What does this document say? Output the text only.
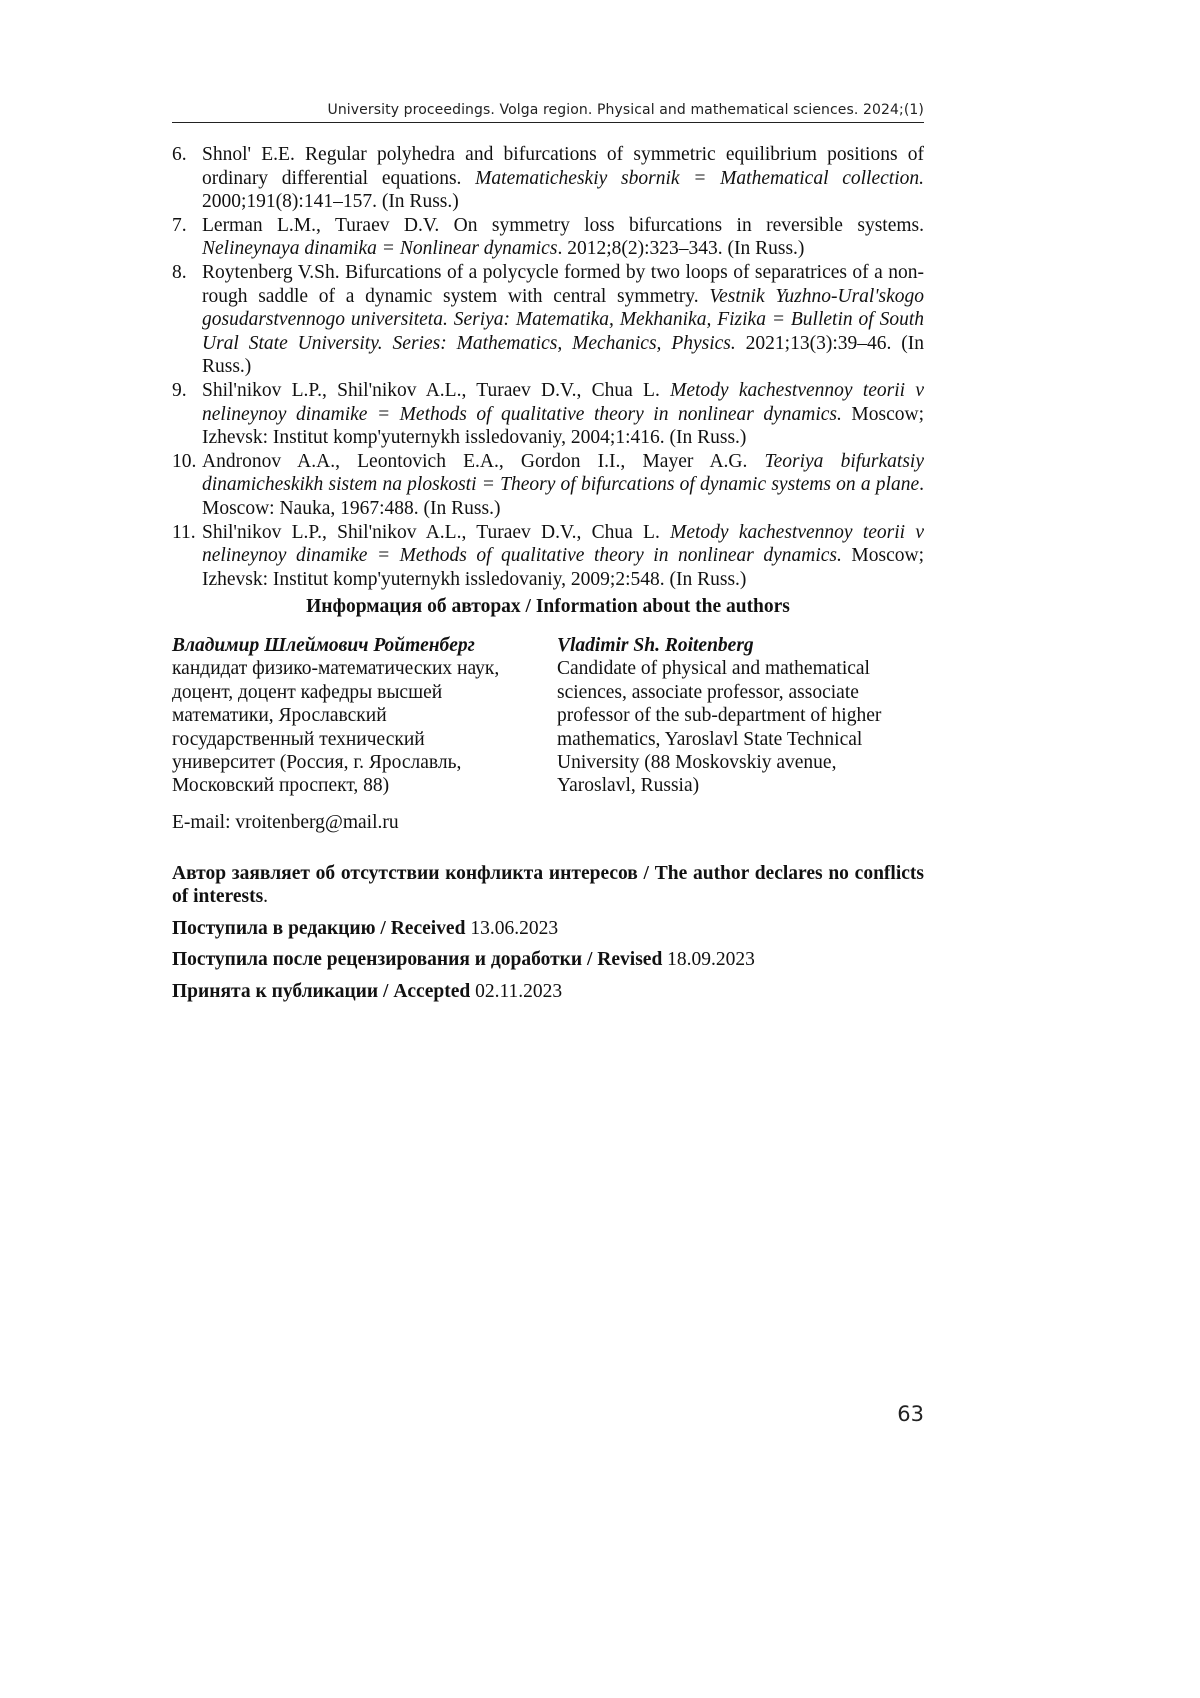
University proceedings. Volga region. Physical and mathematical sciences. 2024;(1)
6. Shnol' E.E. Regular polyhedra and bifurcations of symmetric equilibrium positions of ordinary differential equations. Matematicheskiy sbornik = Mathematical collection. 2000;191(8):141–157. (In Russ.)
7. Lerman L.M., Turaev D.V. On symmetry loss bifurcations in reversible systems. Nelineynaya dinamika = Nonlinear dynamics. 2012;8(2):323–343. (In Russ.)
8. Roytenberg V.Sh. Bifurcations of a polycycle formed by two loops of separatrices of a non-rough saddle of a dynamic system with central symmetry. Vestnik Yuzhno-Ural'skogo gosudarstvennogo universiteta. Seriya: Matematika, Mekhanika, Fizika = Bulletin of South Ural State University. Series: Mathematics, Mechanics, Physics. 2021;13(3):39–46. (In Russ.)
9. Shil'nikov L.P., Shil'nikov A.L., Turaev D.V., Chua L. Metody kachestvennoy teorii v nelineynoy dinamike = Methods of qualitative theory in nonlinear dynamics. Moscow; Izhevsk: Institut komp'yuternykh issledovaniy, 2004;1:416. (In Russ.)
10. Andronov A.A., Leontovich E.A., Gordon I.I., Mayer A.G. Teoriya bifurkatsiy dinamicheskikh sistem na ploskosti = Theory of bifurcations of dynamic systems on a plane. Moscow: Nauka, 1967:488. (In Russ.)
11. Shil'nikov L.P., Shil'nikov A.L., Turaev D.V., Chua L. Metody kachestvennoy teorii v nelineynoy dinamike = Methods of qualitative theory in nonlinear dynamics. Moscow; Izhevsk: Institut komp'yuternykh issledovaniy, 2009;2:548. (In Russ.)
Информация об авторах / Information about the authors
Владимир Шлеймович Ройтенберг
кандидат физико-математических наук,
доцент, доцент кафедры высшей
математики, Ярославский
государственный технический
университет (Россия, г. Ярославль,
Московский проспект, 88)
Vladimir Sh. Roitenberg
Candidate of physical and mathematical
sciences, associate professor, associate
professor of the sub-department of higher
mathematics, Yaroslavl State Technical
University (88 Moskovskiy avenue,
Yaroslavl, Russia)
E-mail: vroitenberg@mail.ru

Автор заявляет об отсутствии конфликта интересов / The author declares no conflicts of interests.

Поступила в редакцию / Received 13.06.2023

Поступила после рецензирования и доработки / Revised 18.09.2023

Принята к публикации / Accepted 02.11.2023

63
